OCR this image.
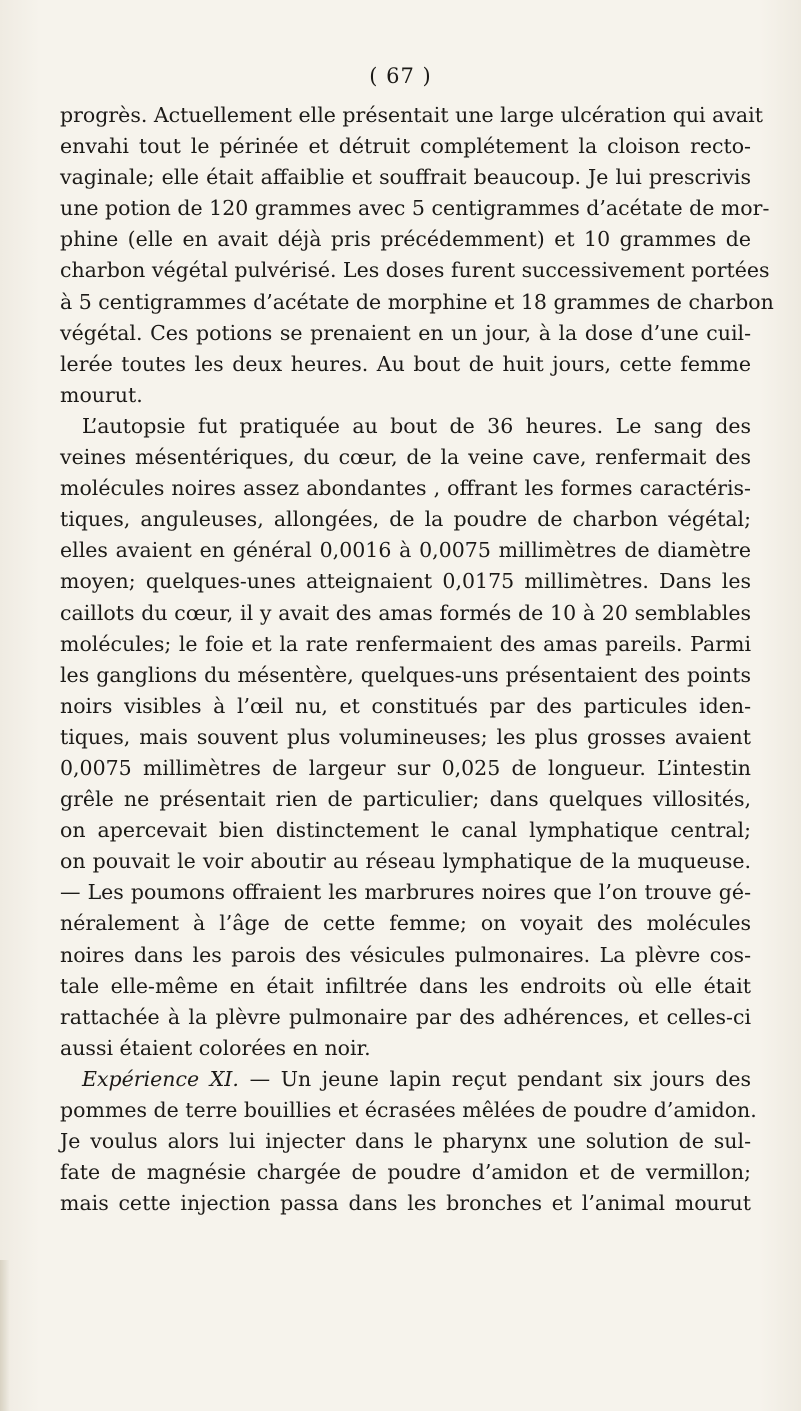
( 67 )
progrès. Actuellement elle présentait une large ulcération qui avait
envahi tout le périnée et détruit complétement la cloison recto-
vaginale; elle était affaiblie et souffrait beaucoup. Je lui prescrivis
une potion de 120 grammes avec 5 centigrammes d’acétate de mor-
phine (elle en avait déjà pris précédemment) et 10 grammes de
charbon végétal pulvérisé. Les doses furent successivement portées
à 5 centigrammes d’acétate de morphine et 18 grammes de charbon
végétal. Ces potions se prenaient en un jour, à la dose d’une cuil-
lerée toutes les deux heures. Au bout de huit jours, cette femme
mourut.
L’autopsie fut pratiquée au bout de 36 heures. Le sang des
veines mésentériques, du cœur, de la veine cave, renfermait des
molécules noires assez abondantes , offrant les formes caractéris-
tiques, anguleuses, allongées, de la poudre de charbon végétal;
elles avaient en général 0,0016 à 0,0075 millimètres de diamètre
moyen; quelques-unes atteignaient 0,0175 millimètres. Dans les
caillots du cœur, il y avait des amas formés de 10 à 20 semblables
molécules; le foie et la rate renfermaient des amas pareils. Parmi
les ganglions du mésentère, quelques-uns présentaient des points
noirs visibles à l’œil nu, et constitués par des particules iden-
tiques, mais souvent plus volumineuses; les plus grosses avaient
0,0075 millimètres de largeur sur 0,025 de longueur. L’intestin
grêle ne présentait rien de particulier; dans quelques villosités,
on apercevait bien distinctement le canal lymphatique central;
on pouvait le voir aboutir au réseau lymphatique de la muqueuse.
— Les poumons offraient les marbrures noires que l’on trouve gé-
néralement à l’âge de cette femme; on voyait des molécules
noires dans les parois des vésicules pulmonaires. La plèvre cos-
tale elle-même en était infiltrée dans les endroits où elle était
rattachée à la plèvre pulmonaire par des adhérences, et celles-ci
aussi étaient colorées en noir.
Expérience XI. — Un jeune lapin reçut pendant six jours des
pommes de terre bouillies et écrasées mêlées de poudre d’amidon.
Je voulus alors lui injecter dans le pharynx une solution de sul-
fate de magnésie chargée de poudre d’amidon et de vermillon;
mais cette injection passa dans les bronches et l’animal mourut
